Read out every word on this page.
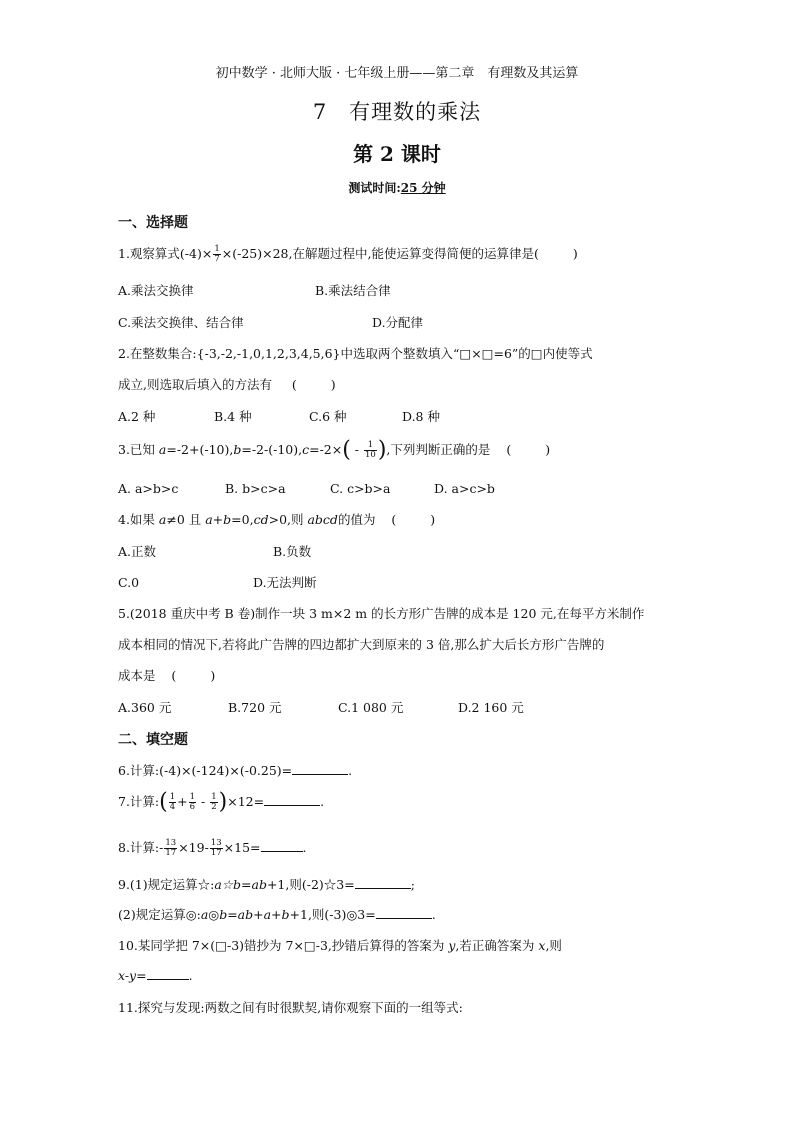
初中数学 · 北师大版 · 七年级上册——第二章　有理数及其运算
7　有理数的乘法
第 2 课时
测试时间:25 分钟
一、选择题
1.观察算式$(-4)\times \frac{1}{7} \times(-25)\times 28$,在解题过程中,能使运算变得简便的运算律是(	)
A.乘法交换律	B.乘法结合律
C.乘法交换律、结合律	D.分配律
2.在整数集合:{-3,-2,-1,0,1,2,3,4,5,6}中选取两个整数填入“□×□=6”的□内使等式
成立,则选取后填入的方法有 (	)
A.2 种	B.4 种	C.6 种	D.8 种
3.已知 $a=-2+(-10),b=-2-(-10),c=-2\times( - \frac{1}{10}$ ),下列判断正确的是 (	)
A. a>b>c	B. b>c>a	C. c>b>a	D. a>c>b
4.如果 a≠0 且 a+b=0,cd>0,则 abcd的值为 (	)
A.正数	B.负数
C.0	D.无法判断
5.(2018 重庆中考 B 卷)制作一块 3 m×2 m 的长方形广告牌的成本是 120 元,在每平方米制作
成本相同的情况下,若将此广告牌的四边都扩大到原来的 3 倍,那么扩大后长方形广告牌的
成本是 (	)
A.360 元	B.720 元	C.1 080 元	D.2 160 元
二、填空题
6.计算:(-4)×(-124)×(-0.25)=	.
7.计算:( $\frac{1}{4} + \frac{1}{6} - \frac{1}{2} )\times 12=$	.
8.计算:- $\frac{13}{17} \times 19- \frac{13}{17} \times 15=$	.
9.(1)规定运算☆:a☆b=ab+1,则(-2)☆3=	;
(2)规定运算◎:a◎b=ab+a+b+1,则(-3)◎3=	.
10.某同学把 7×(□-3)错抄为 7×□-3,抄错后算得的答案为 y,若正确答案为 x,则
x-y=	.
11.探究与发现:两数之间有时很默契,请你观察下面的一组等式:
